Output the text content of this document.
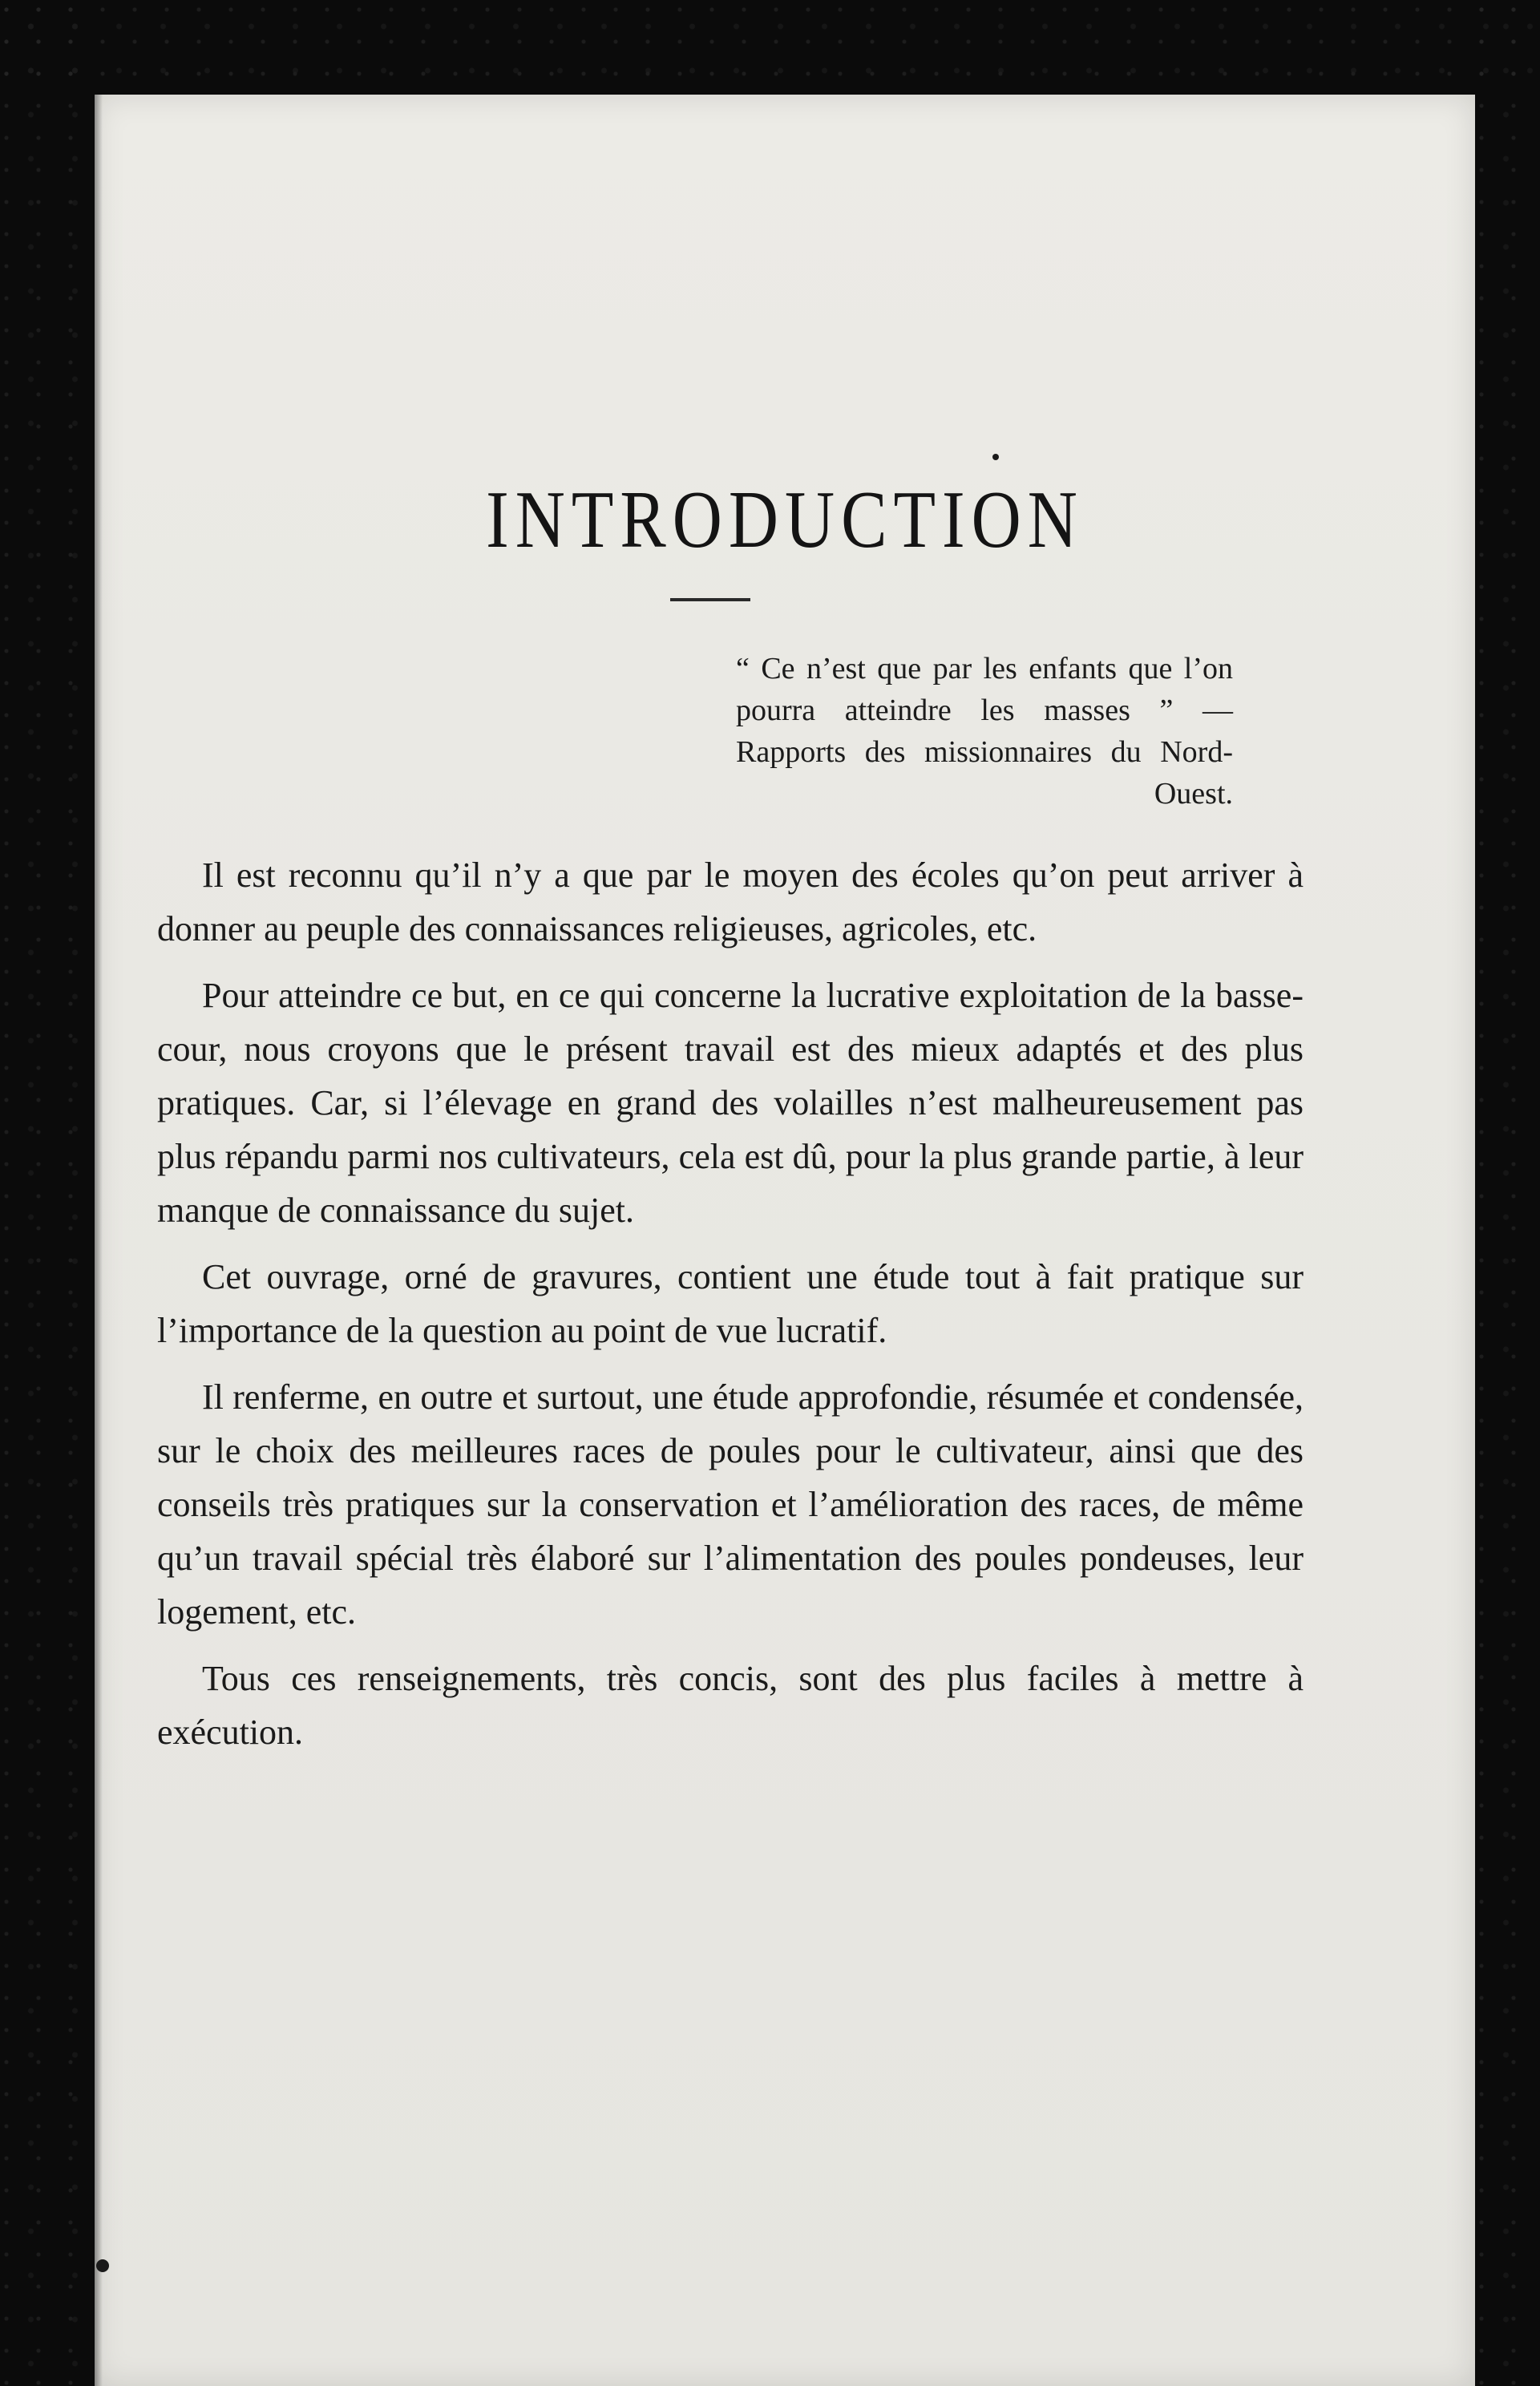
INTRODUCTION
“ Ce n’est que par les enfants que l’on pourra atteindre les masses ” — Rapports des missionnaires du Nord-Ouest.

Il est reconnu qu’il n’y a que par le moyen des écoles qu’on peut arriver à donner au peuple des connaissances religieuses, agricoles, etc.

Pour atteindre ce but, en ce qui concerne la lucrative exploitation de la basse-cour, nous croyons que le présent travail est des mieux adaptés et des plus pratiques. Car, si l’élevage en grand des volailles n’est malheureusement pas plus répandu parmi nos cultivateurs, cela est dû, pour la plus grande partie, à leur manque de connaissance du sujet.

Cet ouvrage, orné de gravures, contient une étude tout à fait pratique sur l’importance de la question au point de vue lucratif.

Il renferme, en outre et surtout, une étude approfondie, résumée et condensée, sur le choix des meilleures races de poules pour le cultivateur, ainsi que des conseils très pratiques sur la conservation et l’amélioration des races, de même qu’un travail spécial très élaboré sur l’alimentation des poules pondeuses, leur logement, etc.

Tous ces renseignements, très concis, sont des plus faciles à mettre à exécution.
